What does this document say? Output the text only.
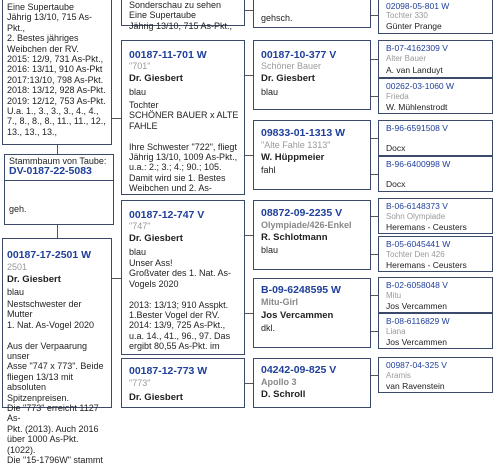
Eine Supertaube
Jährig 13/10, 715 As-Pkt.,
2. Bestes jähriges
Weibchen der RV.
2015: 12/9, 731 As-Pkt.,
2016: 13/11, 910 As-Pkt
2017:13/10, 798 As-Pkt.
2018: 13/12, 928 As-Pkt.
2019: 12/12, 753 As-Pkt.
U.a. 1., 3., 3., 3., 4., 4.,
7., 8., 8., 8., 11., 11., 12.,
13., 13., 13.,
Stammbaum von Taube:
DV-0187-22-5083
geh.
00187-17-2501 W
2501
Dr. Giesbert
blau
Nestschwester der Mutter
1. Nat. As-Vogel 2020

Aus der Verpaarung unser
Asse "747 x 773". Beide
fliegen 13/13 mit absoluten
Spitzenpreisen.
Die "773" erreicht 1127 As-
Pkt. (2013). Auch 2016
über 1000 As-Pkt. (1022).
Die "15-1796W" stammt
Sonderschau zu sehen
Eine Supertaube
Jährig 13/10, 715 As-Pkt.,
00187-11-701 W
"701"
Dr. Giesbert
blau
Tochter
SCHÖNER BAUER x ALTE
FAHLE

Ihre Schwester "722", fliegt
Jährig 13/10, 1009 As-Pkt.,
u.a.: 2.; 3.; 4.; 90.; 105.
Damit wird sie 1. Bestes
Weibchen und 2. As-
00187-12-747 V
"747"
Dr. Giesbert
blau
Unser Ass!
Großvater des 1. Nat. As-
Vogels 2020

2013: 13/13; 910 Asspkt.
1.Bester Vogel der RV.
2014: 13/9, 725 As-Pkt.,
u.a. 14., 41., 96., 97. Das
ergibt 80,55 As-Pkt. im
00187-12-773 W
"773"
Dr. Giesbert
gehsch.
00187-10-377 V
Schöner Bauer
Dr. Giesbert
blau
09833-01-1313 W
"Alte Fahle 1313"
W. Hüppmeier
fahl
08872-09-2235 V
Olympiade/426-Enkel
R. Schlotmann
blau
B-09-6248595 W
Mitu-Girl
Jos Vercammen
dkl.
04242-09-825 V
Apollo 3
D. Schroll
02098-05-801 W
Tochter 330
Günter Prange
B-07-4162309 V
Alter Bauer
A. van Landuyt
00262-03-1060 W
Frieda
W. Mühlenstrodt
B-96-6591508 V
Docx
B-96-6400998 W
Docx
B-06-6148373 V
Sohn Olympiade
Heremans - Ceusters
B-05-6045441 W
Tochter Den 426
Heremans - Ceusters
B-02-6058048 V
Mitu
Jos Vercammen
B-08-6116829 W
Liana
Jos Vercammen
00987-04-325 V
Aramis
van Ravenstein
